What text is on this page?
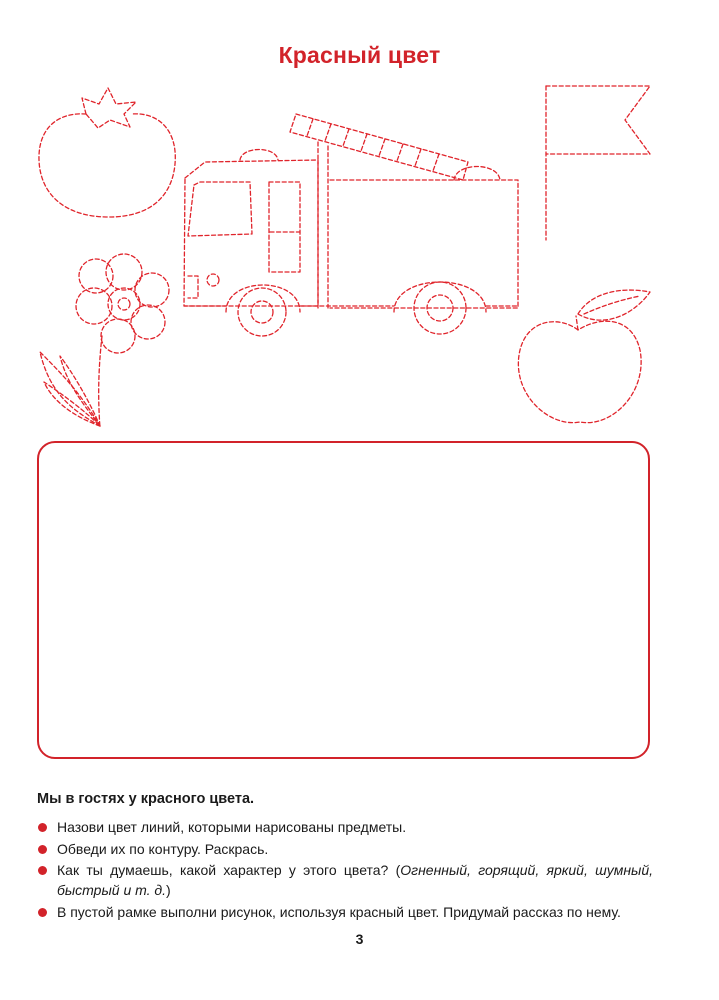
Красный цвет
Мы в гостях у красного цвета.
Назови цвет линий, которыми нарисованы предметы.
Обведи их по контуру. Раскрась.
Как ты думаешь, какой характер у этого цвета? (Огненный, горящий, яркий, шумный, быстрый и т. д.)
В пустой рамке выполни рисунок, используя красный цвет. Придумай рассказ по нему.
3
